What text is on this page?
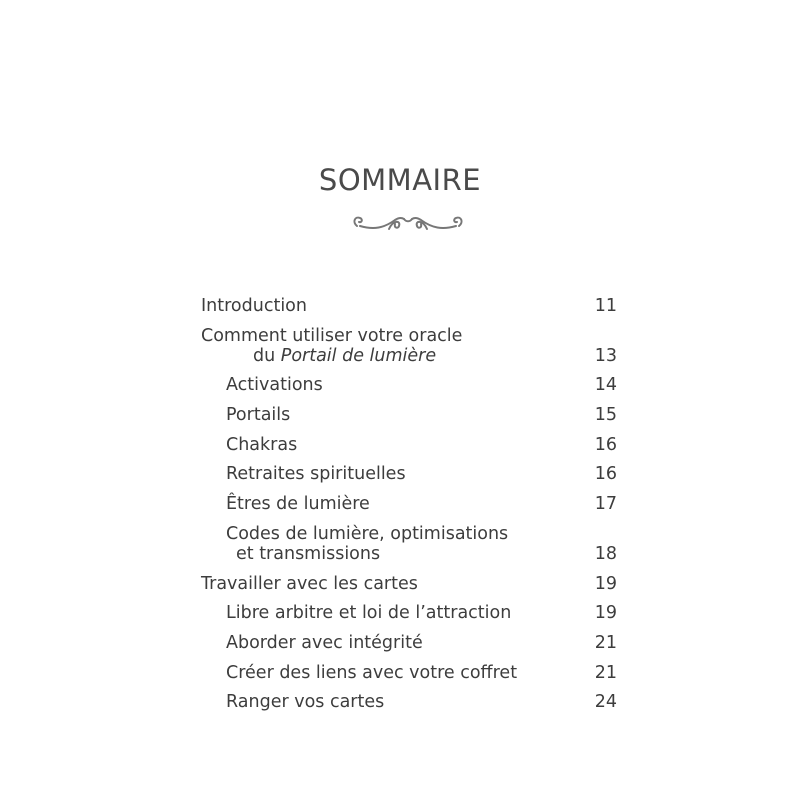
SOMMAIRE
Introduction	11
Comment utiliser votre oracle
du Portail de lumière	13
Activations	14
Portails	15
Chakras	16
Retraites spirituelles	16
Êtres de lumière	17
Codes de lumière, optimisations
et transmissions	18
Travailler avec les cartes	19
Libre arbitre et loi de l’attraction	19
Aborder avec intégrité	21
Créer des liens avec votre coffret	21
Ranger vos cartes	24
